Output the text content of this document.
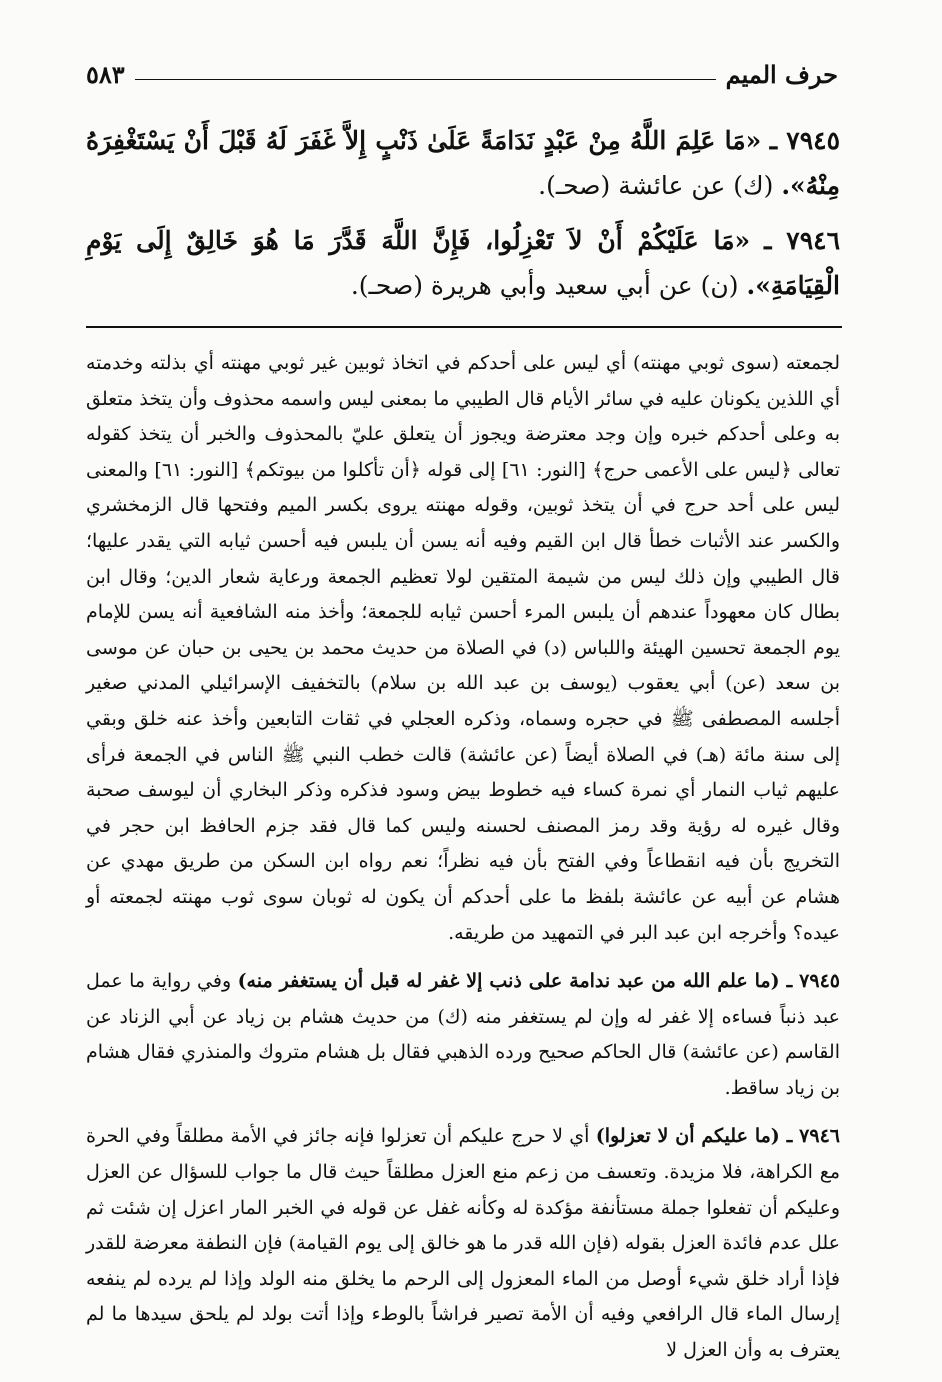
حرف الميم
٥٨٣

٧٩٤٥ ـ «مَا عَلِمَ اللَّهُ مِنْ عَبْدٍ نَدَامَةً عَلَىٰ ذَنْبٍ إِلاَّ غَفَرَ لَهُ قَبْلَ أَنْ يَسْتَغْفِرَهُ مِنْهُ». (ك) عن عائشة (صحـ).

٧٩٤٦ ـ «مَا عَلَيْكُمْ أَنْ لاَ تَعْزِلُوا، فَإِنَّ اللَّهَ قَدَّرَ مَا هُوَ خَالِقٌ إِلَى يَوْمِ الْقِيَامَةِ». (ن) عن أبي سعيد وأبي هريرة (صحـ).

لجمعته (سوى ثوبي مهنته) أي ليس على أحدكم في اتخاذ ثوبين غير ثوبي مهنته أي بذلته وخدمته أي اللذين يكونان عليه في سائر الأيام قال الطيبي ما بمعنى ليس واسمه محذوف وأن يتخذ متعلق به وعلى أحدكم خبره وإن وجد معترضة ويجوز أن يتعلق عليّ بالمحذوف والخبر أن يتخذ كقوله تعالى ﴿ليس على الأعمى حرج﴾ [النور: ٦١] إلى قوله ﴿أن تأكلوا من بيوتكم﴾ [النور: ٦١] والمعنى ليس على أحد حرج في أن يتخذ ثوبين، وقوله مهنته يروى بكسر الميم وفتحها قال الزمخشري والكسر عند الأثبات خطأ قال ابن القيم وفيه أنه يسن أن يلبس فيه أحسن ثيابه التي يقدر عليها؛ قال الطيبي وإن ذلك ليس من شيمة المتقين لولا تعظيم الجمعة ورعاية شعار الدين؛ وقال ابن بطال كان معهوداً عندهم أن يلبس المرء أحسن ثيابه للجمعة؛ وأخذ منه الشافعية أنه يسن للإمام يوم الجمعة تحسين الهيئة واللباس (د) في الصلاة من حديث محمد بن يحيى بن حبان عن موسى بن سعد (عن) أبي يعقوب (يوسف بن عبد الله بن سلام) بالتخفيف الإسرائيلي المدني صغير أجلسه المصطفى ﷺ في حجره وسماه، وذكره العجلي في ثقات التابعين وأخذ عنه خلق وبقي إلى سنة مائة (هـ) في الصلاة أيضاً (عن عائشة) قالت خطب النبي ﷺ الناس في الجمعة فرأى عليهم ثياب النمار أي نمرة كساء فيه خطوط بيض وسود فذكره وذكر البخاري أن ليوسف صحبة وقال غيره له رؤية وقد رمز المصنف لحسنه وليس كما قال فقد جزم الحافظ ابن حجر في التخريج بأن فيه انقطاعاً وفي الفتح بأن فيه نظراً؛ نعم رواه ابن السكن من طريق مهدي عن هشام عن أبيه عن عائشة بلفظ ما على أحدكم أن يكون له ثوبان سوى ثوب مهنته لجمعته أو عيده؟ وأخرجه ابن عبد البر في التمهيد من طريقه.

٧٩٤٥ ـ (ما علم الله من عبد ندامة على ذنب إلا غفر له قبل أن يستغفر منه) وفي رواية ما عمل عبد ذنباً فساءه إلا غفر له وإن لم يستغفر منه (ك) من حديث هشام بن زياد عن أبي الزناد عن القاسم (عن عائشة) قال الحاكم صحيح ورده الذهبي فقال بل هشام متروك والمنذري فقال هشام بن زياد ساقط.

٧٩٤٦ ـ (ما عليكم أن لا تعزلوا) أي لا حرج عليكم أن تعزلوا فإنه جائز في الأمة مطلقاً وفي الحرة مع الكراهة، فلا مزيدة. وتعسف من زعم منع العزل مطلقاً حيث قال ما جواب للسؤال عن العزل وعليكم أن تفعلوا جملة مستأنفة مؤكدة له وكأنه غفل عن قوله في الخبر المار اعزل إن شئت ثم علل عدم فائدة العزل بقوله (فإن الله قدر ما هو خالق إلى يوم القيامة) فإن النطفة معرضة للقدر فإذا أراد خلق شيء أوصل من الماء المعزول إلى الرحم ما يخلق منه الولد وإذا لم يرده لم ينفعه إرسال الماء قال الرافعي وفيه أن الأمة تصير فراشاً بالوطء وإذا أتت بولد لم يلحق سيدها ما لم يعترف به وأن العزل لا
